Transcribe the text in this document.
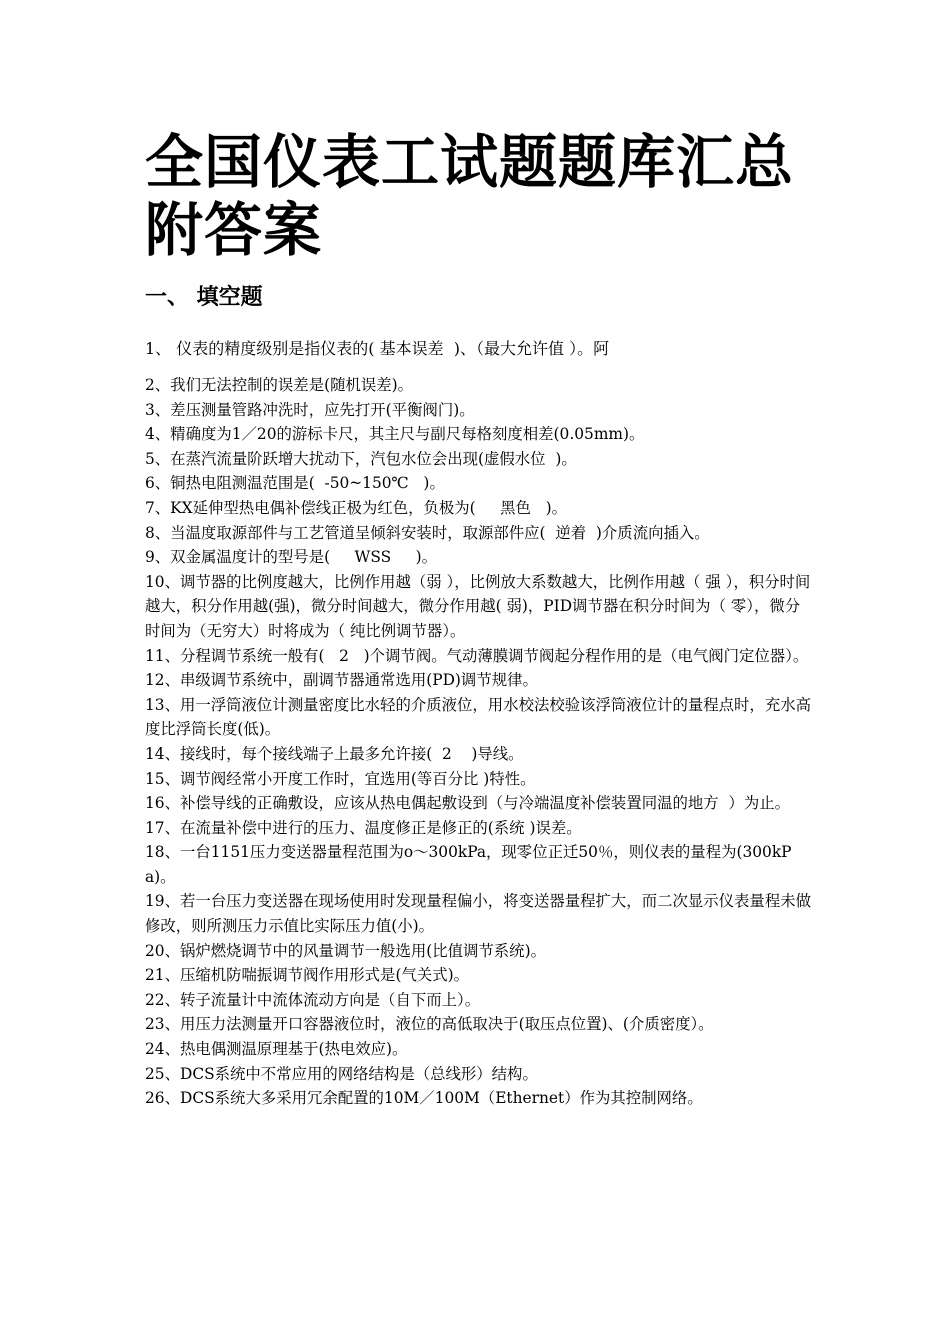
全国仪表工试题题库汇总附答案
一、 填空题

1、 仪表的精度级别是指仪表的( 基本误差  )、（最大允许值 ）。阿

2、我们无法控制的误差是(随机误差)。
3、差压测量管路冲洗时，应先打开(平衡阀门)。
4、精确度为1／20的游标卡尺，其主尺与副尺每格刻度相差(0.05mm)。
5、在蒸汽流量阶跃增大扰动下，汽包水位会出现(虚假水位  )。
6、铜热电阻测温范围是(  -50~150℃   )。
7、KX延伸型热电偶补偿线正极为红色，负极为(     黑色   )。
8、当温度取源部件与工艺管道呈倾斜安装时，取源部件应(  逆着  )介质流向插入。
9、双金属温度计的型号是(     WSS     )。
10、调节器的比例度越大，比例作用越（弱 ），比例放大系数越大，比例作用越（ 强 ），积分时间越大，积分作用越(强)，微分时间越大，微分作用越( 弱)，PID调节器在积分时间为（ 零），微分时间为（无穷大）时将成为（ 纯比例调节器）。
11、分程调节系统一般有(   2   )个调节阀。气动薄膜调节阀起分程作用的是（电气阀门定位器）。
12、串级调节系统中，副调节器通常选用(PD)调节规律。
13、用一浮筒液位计测量密度比水轻的介质液位，用水校法校验该浮筒液位计的量程点时，充水高度比浮筒长度(低)。
14、接线时，每个接线端子上最多允许接(  2    )导线。
15、调节阀经常小开度工作时，宜选用(等百分比 )特性。
16、补偿导线的正确敷设，应该从热电偶起敷设到（与冷端温度补偿装置同温的地方  ）为止。
17、在流量补偿中进行的压力、温度修正是修正的(系统 )误差。
18、一台1151压力变送器量程范围为o～300kPa，现零位正迁50％，则仪表的量程为(300kPa)。
19、若一台压力变送器在现场使用时发现量程偏小，将变送器量程扩大，而二次显示仪表量程未做修改，则所测压力示值比实际压力值(小)。
20、锅炉燃烧调节中的风量调节一般选用(比值调节系统)。
21、压缩机防喘振调节阀作用形式是(气关式)。
22、转子流量计中流体流动方向是（自下而上）。
23、用压力法测量开口容器液位时，液位的高低取决于(取压点位置)、(介质密度）。
24、热电偶测温原理基于(热电效应)。
25、DCS系统中不常应用的网络结构是（总线形）结构。
26、DCS系统大多采用冗余配置的10M／100M（Ethernet）作为其控制网络。
